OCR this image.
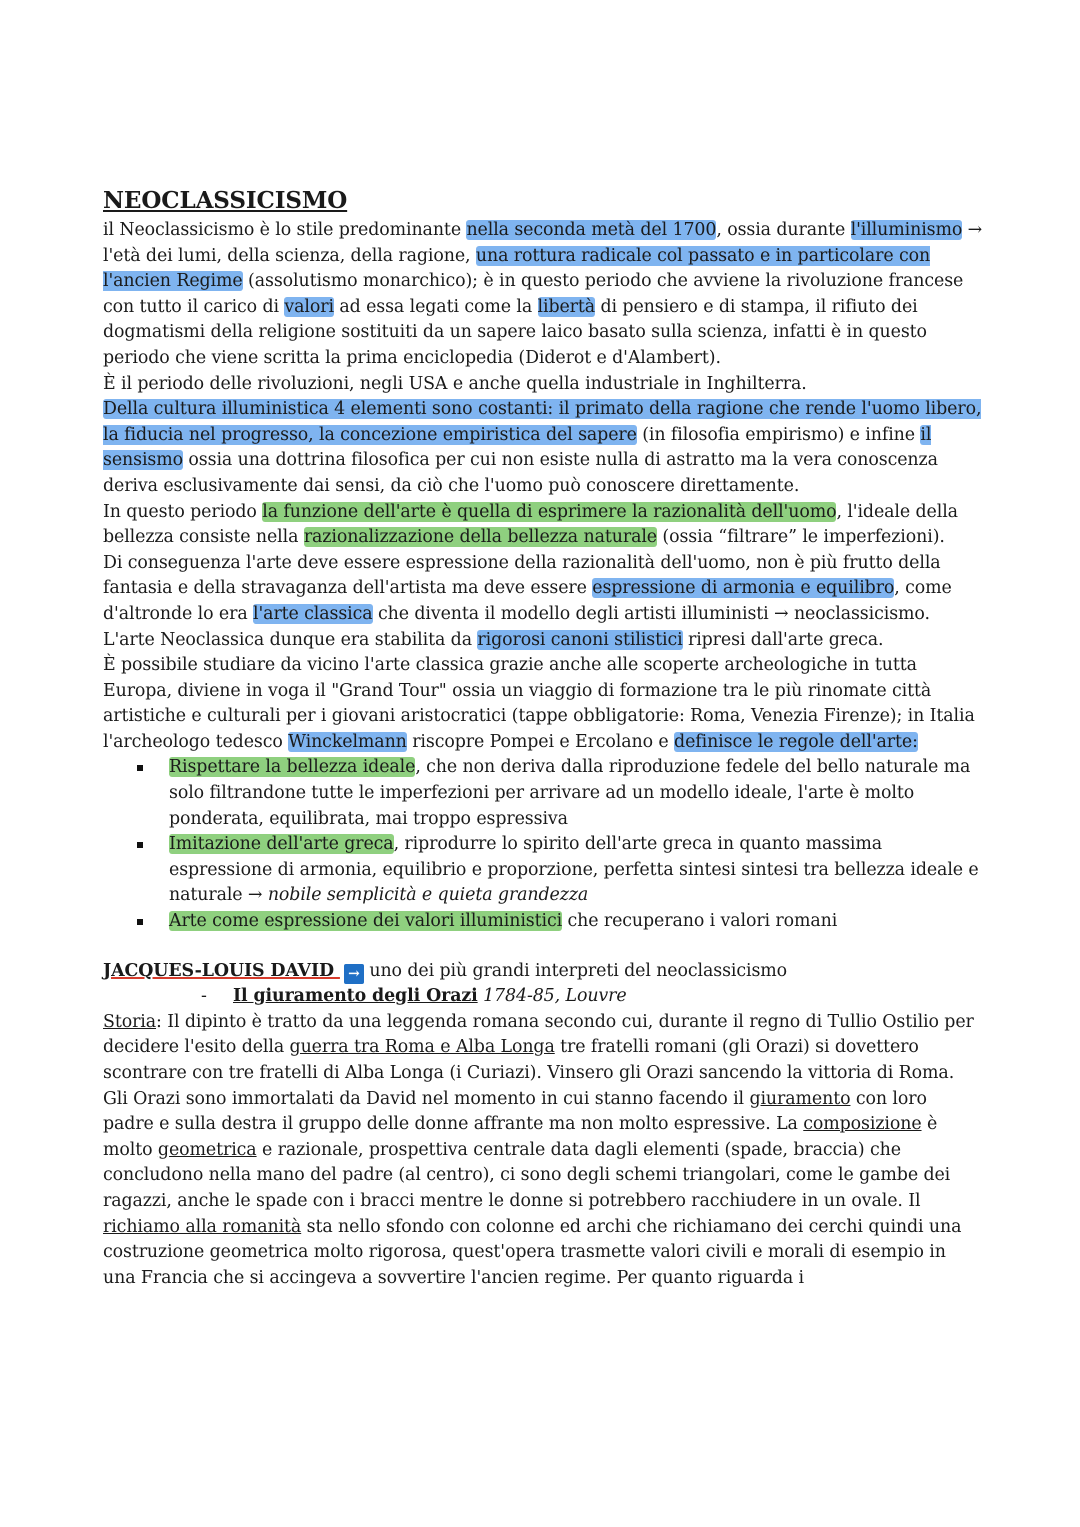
NEOCLASSICISMO

il Neoclassicismo è lo stile predominante nella seconda metà del 1700, ossia durante l'illuminismo → l'età dei lumi, della scienza, della ragione, una rottura radicale col passato e in particolare con l'ancien Regime (assolutismo monarchico); è in questo periodo che avviene la rivoluzione francese con tutto il carico di valori ad essa legati come la libertà di pensiero e di stampa, il rifiuto dei dogmatismi della religione sostituiti da un sapere laico basato sulla scienza, infatti è in questo periodo che viene scritta la prima enciclopedia (Diderot e d'Alambert).

È il periodo delle rivoluzioni, negli USA e anche quella industriale in Inghilterra.

Della cultura illuministica 4 elementi sono costanti: il primato della ragione che rende l'uomo libero, la fiducia nel progresso, la concezione empiristica del sapere (in filosofia empirismo) e infine il sensismo ossia una dottrina filosofica per cui non esiste nulla di astratto ma la vera conoscenza deriva esclusivamente dai sensi, da ciò che l'uomo può conoscere direttamente.

In questo periodo la funzione dell'arte è quella di esprimere la razionalità dell'uomo, l'ideale della bellezza consiste nella razionalizzazione della bellezza naturale (ossia “filtrare” le imperfezioni).

Di conseguenza l'arte deve essere espressione della razionalità dell'uomo, non è più frutto della fantasia e della stravaganza dell'artista ma deve essere espressione di armonia e equilibro, come d'altronde lo era l'arte classica che diventa il modello degli artisti illuministi → neoclassicismo.

L'arte Neoclassica dunque era stabilita da rigorosi canoni stilistici ripresi dall'arte greca.

È possibile studiare da vicino l'arte classica grazie anche alle scoperte archeologiche in tutta Europa, diviene in voga il "Grand Tour" ossia un viaggio di formazione tra le più rinomate città artistiche e culturali per i giovani aristocratici (tappe obbligatorie: Roma, Venezia Firenze); in Italia l'archeologo tedesco Winckelmann riscopre Pompei e Ercolano e definisce le regole dell'arte:

Rispettare la bellezza ideale, che non deriva dalla riproduzione fedele del bello naturale ma solo filtrandone tutte le imperfezioni per arrivare ad un modello ideale, l'arte è molto ponderata, equilibrata, mai troppo espressiva
Imitazione dell'arte greca, riprodurre lo spirito dell'arte greca in quanto massima espressione di armonia, equilibrio e proporzione, perfetta sintesi sintesi tra bellezza ideale e naturale → nobile semplicità e quieta grandezza
Arte come espressione dei valori illuministici che recuperano i valori romani

JACQUES-LOUIS DAVID → uno dei più grandi interpreti del neoclassicismo

- Il giuramento degli Orazi 1784-85, Louvre

Storia: Il dipinto è tratto da una leggenda romana secondo cui, durante il regno di Tullio Ostilio per decidere l'esito della guerra tra Roma e Alba Longa tre fratelli romani (gli Orazi) si dovettero scontrare con tre fratelli di Alba Longa (i Curiazi). Vinsero gli Orazi sancendo la vittoria di Roma.

Gli Orazi sono immortalati da David nel momento in cui stanno facendo il giuramento con loro padre e sulla destra il gruppo delle donne affrante ma non molto espressive. La composizione è molto geometrica e razionale, prospettiva centrale data dagli elementi (spade, braccia) che concludono nella mano del padre (al centro), ci sono degli schemi triangolari, come le gambe dei ragazzi, anche le spade con i bracci mentre le donne si potrebbero racchiudere in un ovale. Il richiamo alla romanità sta nello sfondo con colonne ed archi che richiamano dei cerchi quindi una costruzione geometrica molto rigorosa, quest'opera trasmette valori civili e morali di esempio in una Francia che si accingeva a sovvertire l'ancien regime. Per quanto riguarda i
